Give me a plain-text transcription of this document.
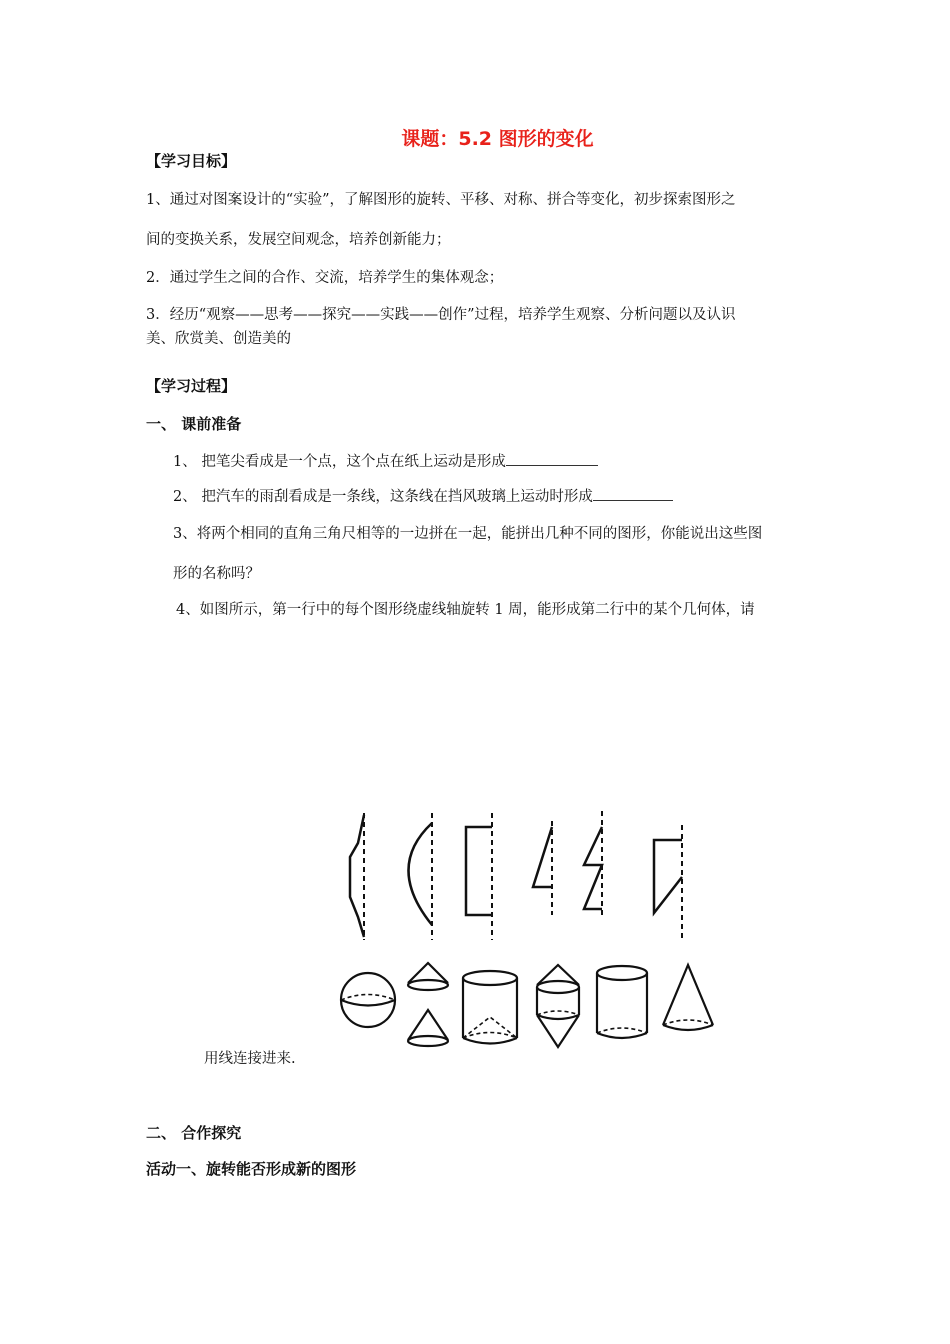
课题：5.2 图形的变化
【学习目标】
1、通过对图案设计的“实验”，了解图形的旋转、平移、对称、拼合等变化，初步探索图形之
间的变换关系，发展空间观念，培养创新能力；
2．通过学生之间的合作、交流，培养学生的集体观念；
3．经历“观察——思考——探究——实践——创作”过程，培养学生观察、分析问题以及认识
美、欣赏美、创造美的
【学习过程】
一、 课前准备
1、 把笔尖看成是一个点，这个点在纸上运动是形成
2、 把汽车的雨刮看成是一条线，这条线在挡风玻璃上运动时形成
3、将两个相同的直角三角尺相等的一边拼在一起，能拼出几种不同的图形，你能说出这些图
形的名称吗？
4、如图所示，第一行中的每个图形绕虚线轴旋转 1 周，能形成第二行中的某个几何体，请
用线连接进来.
二、 合作探究
活动一、旋转能否形成新的图形
